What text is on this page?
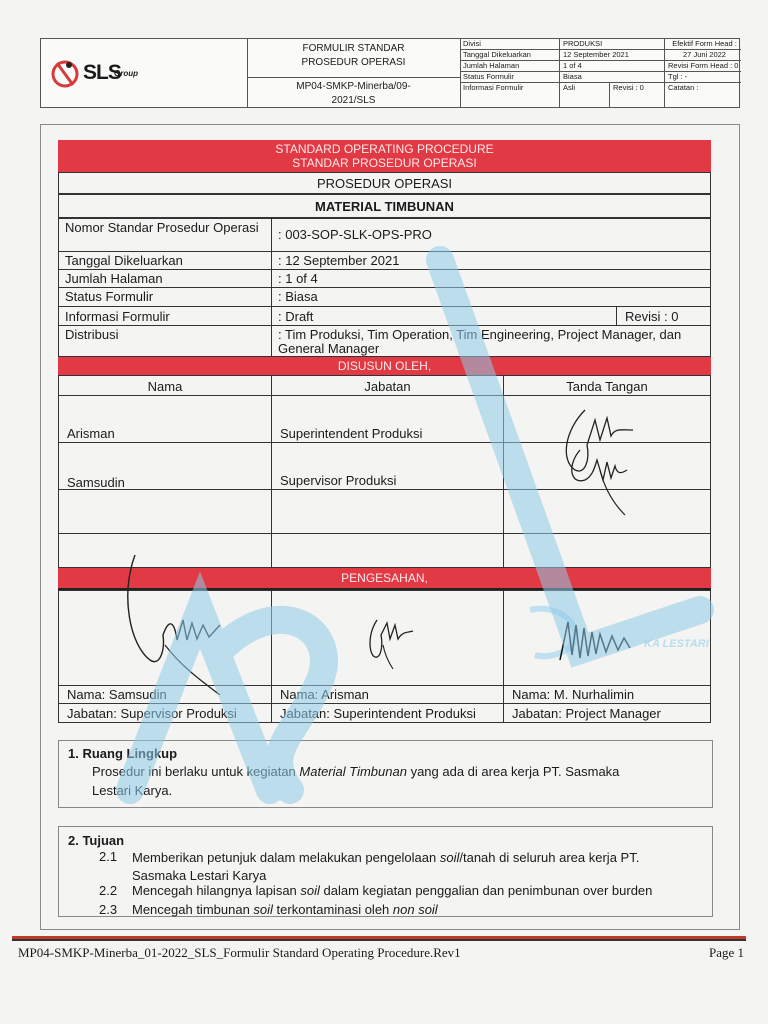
SLS
Group
FORMULIR STANDAR
PROSEDUR OPERASI
MP04-SMKP-Minerba/09-
2021/SLS
Divisi	PRODUKSI	Efektif Form Head :
Tanggal Dikeluarkan	12 September 2021	27 Juni 2022
Jumlah Halaman	1 of 4	Revisi Form Head : 0
Status Formulir	Biasa	Tgl : -
Informasi Formulir	Asli	Revisi : 0	Catatan :
STANDARD OPERATING PROCEDURE
STANDAR PROSEDUR OPERASI
PROSEDUR OPERASI
MATERIAL TIMBUNAN
Nomor Standar Prosedur Operasi	: 003-SOP-SLK-OPS-PRO
Tanggal Dikeluarkan	: 12 September 2021
Jumlah Halaman	: 1 of 4
Status Formulir	: Biasa
Informasi Formulir	: Draft	Revisi : 0
Distribusi	: Tim Produksi, Tim Operation, Tim Engineering, Project Manager, dan General Manager
DISUSUN OLEH,
Nama	Jabatan	Tanda Tangan
Arisman	Superintendent Produksi
Samsudin	Supervisor Produksi
PENGESAHAN,
KA LESTARI
Nama: Samsudin	Nama: Arisman	Nama: M. Nurhalimin
Jabatan: Supervisor Produksi	Jabatan: Superintendent Produksi	Jabatan: Project Manager
1. Ruang Lingkup
Prosedur ini berlaku untuk kegiatan Material Timbunan yang ada di area kerja PT. Sasmaka
Lestari Karya.
2. Tujuan
2.1 Memberikan petunjuk dalam melakukan pengelolaan soil/tanah di seluruh area kerja PT.
Sasmaka Lestari Karya
2.2 Mencegah hilangnya lapisan soil dalam kegiatan penggalian dan penimbunan over burden
2.3 Mencegah timbunan soil terkontaminasi oleh non soil
MP04-SMKP-Minerba_01-2022_SLS_Formulir Standard Operating Procedure.Rev1	Page 1
